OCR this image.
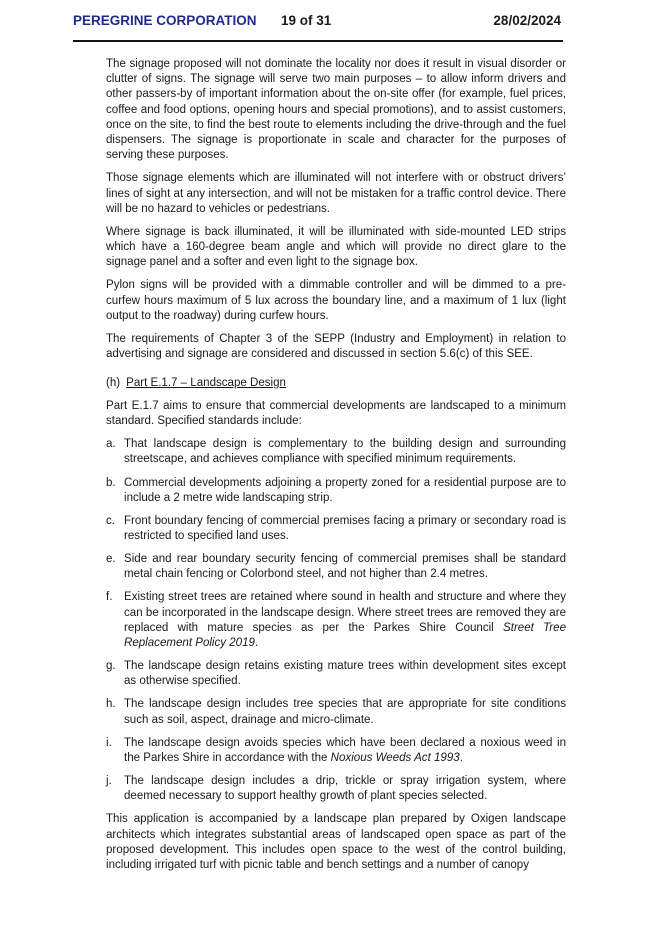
PEREGRINE CORPORATION 19 of 31	28/02/2024

The signage proposed will not dominate the locality nor does it result in visual disorder or clutter of signs. The signage will serve two main purposes – to allow inform drivers and other passers-by of important information about the on-site offer (for example, fuel prices, coffee and food options, opening hours and special promotions), and to assist customers, once on the site, to find the best route to elements including the drive-through and the fuel dispensers. The signage is proportionate in scale and character for the purposes of serving these purposes.

Those signage elements which are illuminated will not interfere with or obstruct drivers’ lines of sight at any intersection, and will not be mistaken for a traffic control device. There will be no hazard to vehicles or pedestrians.

Where signage is back illuminated, it will be illuminated with side-mounted LED strips which have a 160-degree beam angle and which will provide no direct glare to the signage panel and a softer and even light to the signage box.

Pylon signs will be provided with a dimmable controller and will be dimmed to a pre-curfew hours maximum of 5 lux across the boundary line, and a maximum of 1 lux (light output to the roadway) during curfew hours.

The requirements of Chapter 3 of the SEPP (Industry and Employment) in relation to advertising and signage are considered and discussed in section 5.6(c) of this SEE.

(h) Part E.1.7 – Landscape Design

Part E.1.7 aims to ensure that commercial developments are landscaped to a minimum standard. Specified standards include:

a. That landscape design is complementary to the building design and surrounding streetscape, and achieves compliance with specified minimum requirements.
b. Commercial developments adjoining a property zoned for a residential purpose are to include a 2 metre wide landscaping strip.
c. Front boundary fencing of commercial premises facing a primary or secondary road is restricted to specified land uses.
e. Side and rear boundary security fencing of commercial premises shall be standard metal chain fencing or Colorbond steel, and not higher than 2.4 metres.
f. Existing street trees are retained where sound in health and structure and where they can be incorporated in the landscape design. Where street trees are removed they are replaced with mature species as per the Parkes Shire Council Street Tree Replacement Policy 2019.
g. The landscape design retains existing mature trees within development sites except as otherwise specified.
h. The landscape design includes tree species that are appropriate for site conditions such as soil, aspect, drainage and micro-climate.
i. The landscape design avoids species which have been declared a noxious weed in the Parkes Shire in accordance with the Noxious Weeds Act 1993.
j. The landscape design includes a drip, trickle or spray irrigation system, where deemed necessary to support healthy growth of plant species selected.

This application is accompanied by a landscape plan prepared by Oxigen landscape architects which integrates substantial areas of landscaped open space as part of the proposed development. This includes open space to the west of the control building, including irrigated turf with picnic table and bench settings and a number of canopy
